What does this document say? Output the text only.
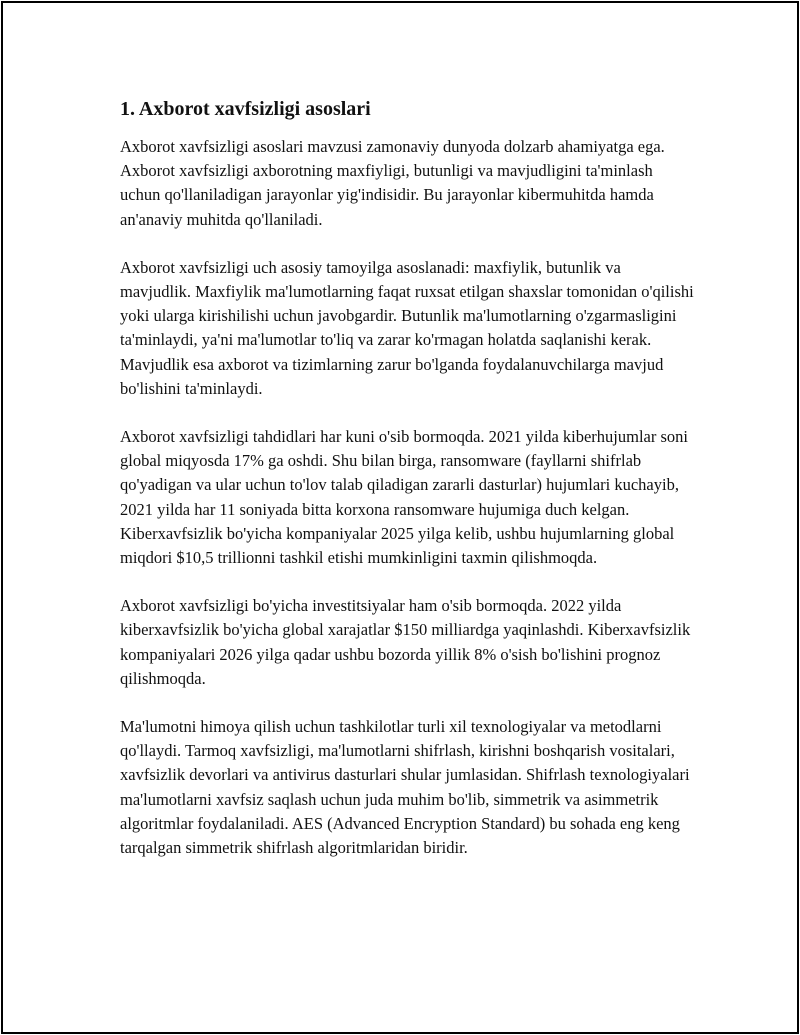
1. Axborot xavfsizligi asoslari

Axborot xavfsizligi asoslari mavzusi zamonaviy dunyoda dolzarb ahamiyatga ega. Axborot xavfsizligi axborotning maxfiyligi, butunligi va mavjudligini ta'minlash uchun qo'llaniladigan jarayonlar yig'indisidir. Bu jarayonlar kibermuhitda hamda an'anaviy muhitda qo'llaniladi.

Axborot xavfsizligi uch asosiy tamoyilga asoslanadi: maxfiylik, butunlik va mavjudlik. Maxfiylik ma'lumotlarning faqat ruxsat etilgan shaxslar tomonidan o'qilishi yoki ularga kirishilishi uchun javobgardir. Butunlik ma'lumotlarning o'zgarmasligini ta'minlaydi, ya'ni ma'lumotlar to'liq va zarar ko'rmagan holatda saqlanishi kerak. Mavjudlik esa axborot va tizimlarning zarur bo'lganda foydalanuvchilarga mavjud bo'lishini ta'minlaydi.

Axborot xavfsizligi tahdidlari har kuni o'sib bormoqda. 2021 yilda kiberhujumlar soni global miqyosda 17% ga oshdi. Shu bilan birga, ransomware (fayllarni shifrlab qo'yadigan va ular uchun to'lov talab qiladigan zararli dasturlar) hujumlari kuchayib, 2021 yilda har 11 soniyada bitta korxona ransomware hujumiga duch kelgan. Kiberxavfsizlik bo'yicha kompaniyalar 2025 yilga kelib, ushbu hujumlarning global miqdori $10,5 trillionni tashkil etishi mumkinligini taxmin qilishmoqda.

Axborot xavfsizligi bo'yicha investitsiyalar ham o'sib bormoqda. 2022 yilda kiberxavfsizlik bo'yicha global xarajatlar $150 milliardga yaqinlashdi. Kiberxavfsizlik kompaniyalari 2026 yilga qadar ushbu bozorda yillik 8% o'sish bo'lishini prognoz qilishmoqda.

Ma'lumotni himoya qilish uchun tashkilotlar turli xil texnologiyalar va metodlarni qo'llaydi. Tarmoq xavfsizligi, ma'lumotlarni shifrlash, kirishni boshqarish vositalari, xavfsizlik devorlari va antivirus dasturlari shular jumlasidan. Shifrlash texnologiyalari ma'lumotlarni xavfsiz saqlash uchun juda muhim bo'lib, simmetrik va asimmetrik algoritmlar foydalaniladi. AES (Advanced Encryption Standard) bu sohada eng keng tarqalgan simmetrik shifrlash algoritmlaridan biridir.
